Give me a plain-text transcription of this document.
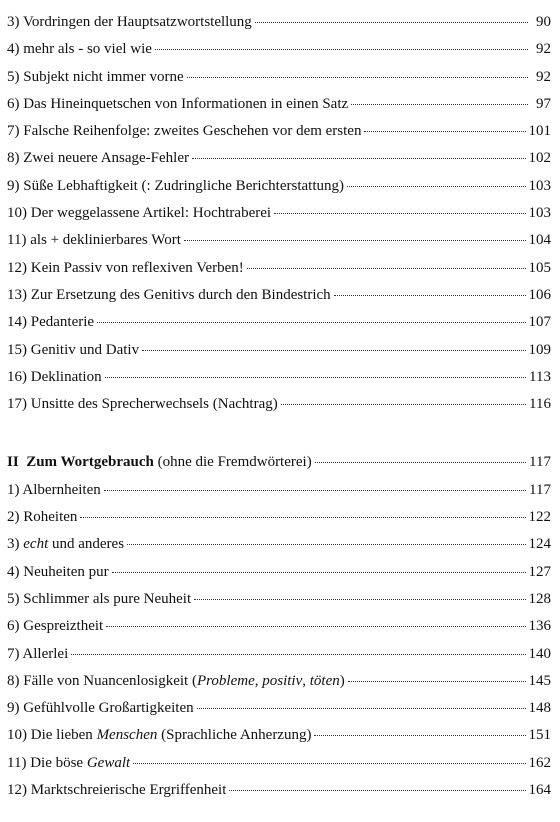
3) Vordringen der Hauptsatzwortstellung	90
4) mehr als - so viel wie	92
5) Subjekt nicht immer vorne	92
6) Das Hineinquetschen von Informationen in einen Satz	97
7) Falsche Reihenfolge: zweites Geschehen vor dem ersten	101
8) Zwei neuere Ansage-Fehler	102
9) Süße Lebhaftigkeit (: Zudringliche Berichterstattung)	103
10) Der weggelassene Artikel: Hochtraberei	103
11) als + deklinierbares Wort	104
12) Kein Passiv von reflexiven Verben!	105
13) Zur Ersetzung des Genitivs durch den Bindestrich	106
14) Pedanterie	107
15) Genitiv und Dativ	109
16) Deklination	113
17) Unsitte des Sprecherwechsels (Nachtrag)	116
II Zum Wortgebrauch (ohne die Fremdwörterei)	117
1) Albernheiten	117
2) Roheiten	122
3) echt und anderes	124
4) Neuheiten pur	127
5) Schlimmer als pure Neuheit	128
6) Gespreiztheit	136
7) Allerlei	140
8) Fälle von Nuancenlosigkeit (Probleme, positiv, töten)	145
9) Gefühlvolle Großartigkeiten	148
10) Die lieben Menschen (Sprachliche Anherzung)	151
11) Die böse Gewalt	162
12) Marktschreierische Ergriffenheit	164
